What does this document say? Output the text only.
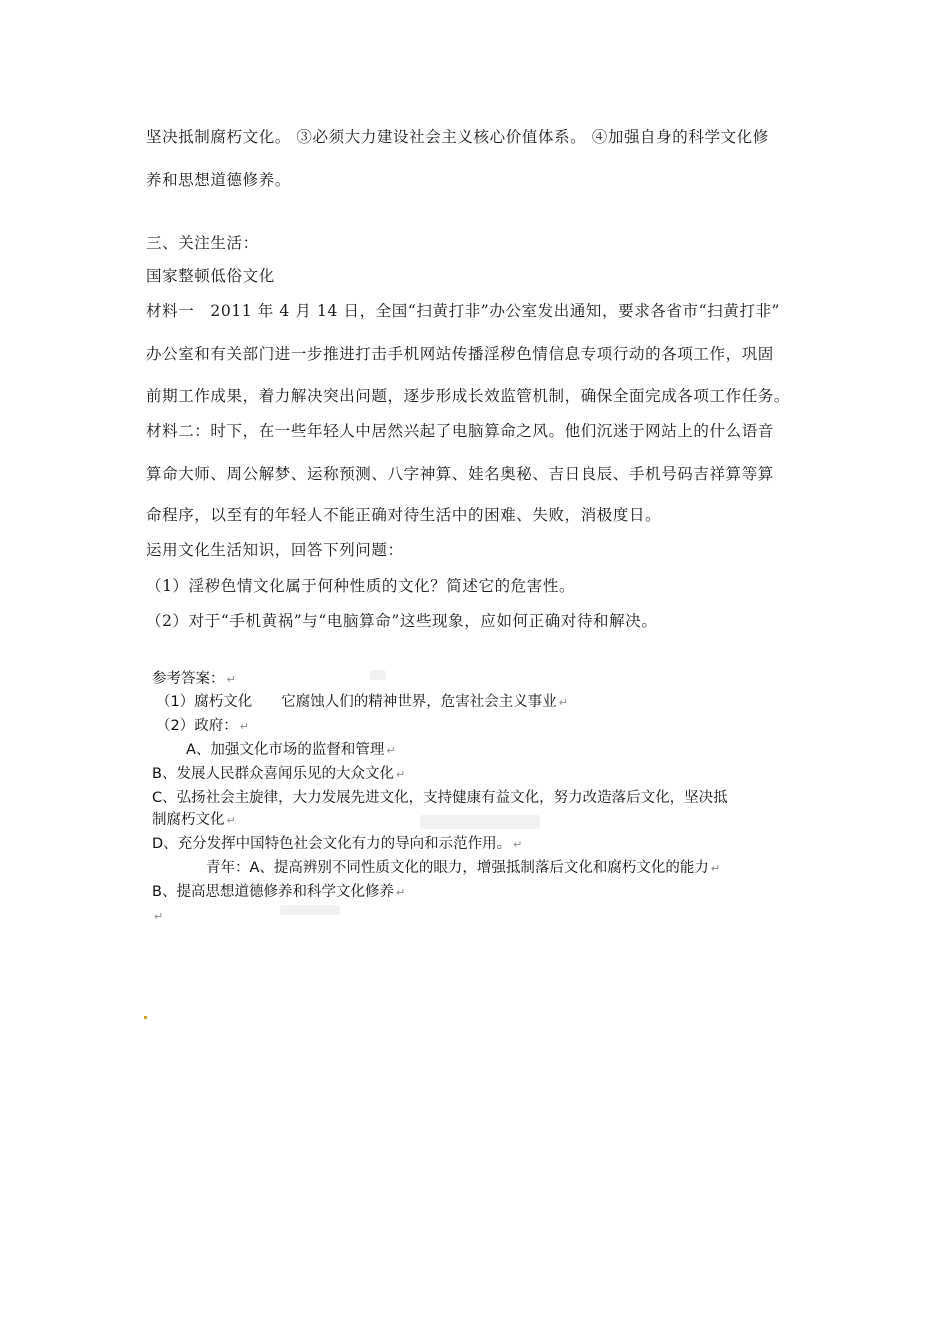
坚决抵制腐朽文化。 ③必须大力建设社会主义核心价值体系。 ④加强自身的科学文化修
养和思想道德修养。
三、关注生活：
国家整顿低俗文化
材料一　2011 年 4 月 14 日，全国“扫黄打非”办公室发出通知，要求各省市“扫黄打非”
办公室和有关部门进一步推进打击手机网站传播淫秽色情信息专项行动的各项工作，巩固
前期工作成果，着力解决突出问题，逐步形成长效监管机制，确保全面完成各项工作任务。
材料二：时下，在一些年轻人中居然兴起了电脑算命之风。他们沉迷于网站上的什么语音
算命大师、周公解梦、运称预测、八字神算、娃名奥秘、吉日良辰、手机号码吉祥算等算
命程序，以至有的年轻人不能正确对待生活中的困难、失败，消极度日。
运用文化生活知识，回答下列问题：
（1）淫秽色情文化属于何种性质的文化？简述它的危害性。
（2）对于“手机黄祸”与“电脑算命”这些现象，应如何正确对待和解决。
参考答案： ↵
（1）腐朽文化　　它腐蚀人们的精神世界，危害社会主义事业 ↵
（2）政府： ↵
A、加强文化市场的监督和管理 ↵
B、发展人民群众喜闻乐见的大众文化 ↵
C、弘扬社会主旋律，大力发展先进文化，支持健康有益文化，努力改造落后文化，坚决抵
制腐朽文化 ↵
D、充分发挥中国特色社会文化有力的导向和示范作用。 ↵
青年：A、提高辨别不同性质文化的眼力，增强抵制落后文化和腐朽文化的能力 ↵
B、提高思想道德修养和科学文化修养 ↵
↵
